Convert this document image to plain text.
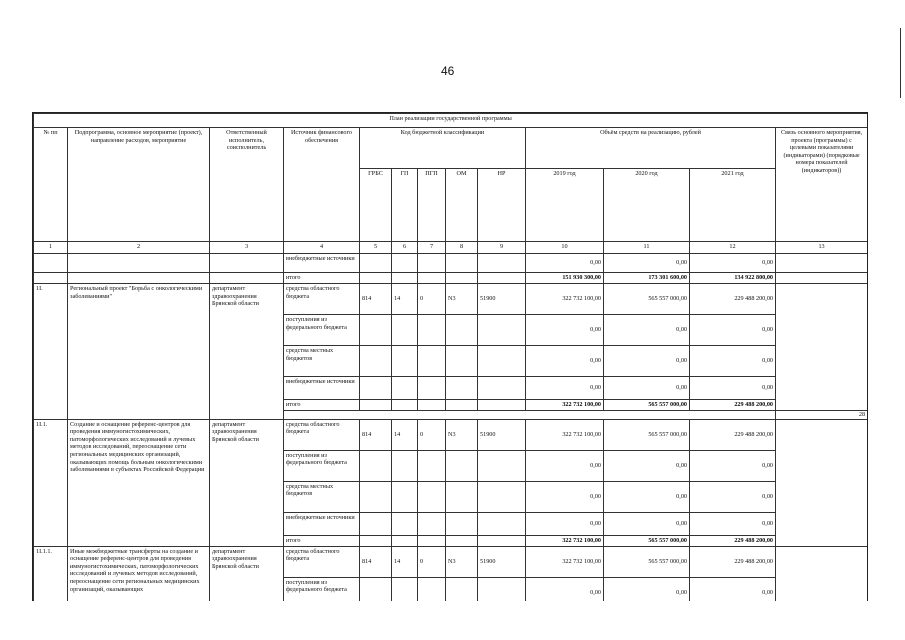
46
План реализации государственной программы												
№ пп	Подпрограмма, основное мероприятие (проект), направление расходов, мероприятие	Ответственный исполнитель, соисполнитель	Источник финансового обеспечения	Код бюджетной классификации					Объём средств на реализацию, рублей			Связь основного мероприятия, проекта (программы) с целевыми показателями (индикаторами) (порядковые номера показателей (индикаторов))
				ГРБС	ГП	ПГП	ОМ	НР	2019 год	2020 год	2021 год	
1	2	3	4	5	6	7	8	9	10	11	12	13
			внебюджетные источники						0,00	0,00	0,00	
			итого						151 930 300,00	173 301 600,00	134 922 800,00	
1I.	Региональный проект "Борьба с онкологическими заболеваниями"	департамент здравоохранения Брянской области	средства областного бюджета	814	14	0	N3	51900	322 732 100,00	565 557 000,00	229 488 200,00	
			поступления из федерального бюджета						0,00	0,00	0,00	
			средства местных бюджетов						0,00	0,00	0,00	
			внебюджетные источники						0,00	0,00	0,00	
			итого						322 732 100,00	565 557 000,00	229 488 200,00	
												28
1I.1.	Создание и оснащение референс-центров для проведения иммуногистохимических, патоморфологических исследований и лучевых методов исследований, переоснащение сети региональных медицинских организаций, оказывающих помощь больным онкологическими заболеваниями в субъектах Российской Федерации	департамент здравоохранения Брянской области	средства областного бюджета	814	14	0	N3	51900	322 732 100,00	565 557 000,00	229 488 200,00	
			поступления из федерального бюджета						0,00	0,00	0,00	
			средства местных бюджетов						0,00	0,00	0,00	
			внебюджетные источники						0,00	0,00	0,00	
			итого						322 732 100,00	565 557 000,00	229 488 200,00	
1I.1.1.	Иные межбюджетные трансферты на создание и оснащение референс-центров для проведения иммуногистохимических, патоморфологических исследований и лучевых методов исследований, переоснащение сети региональных медицинских организаций, оказывающих	департамент здравоохранения Брянской области	средства областного бюджета	814	14	0	N3	51900	322 732 100,00	565 557 000,00	229 488 200,00	
			поступления из федерального бюджета						0,00	0,00	0,00	
